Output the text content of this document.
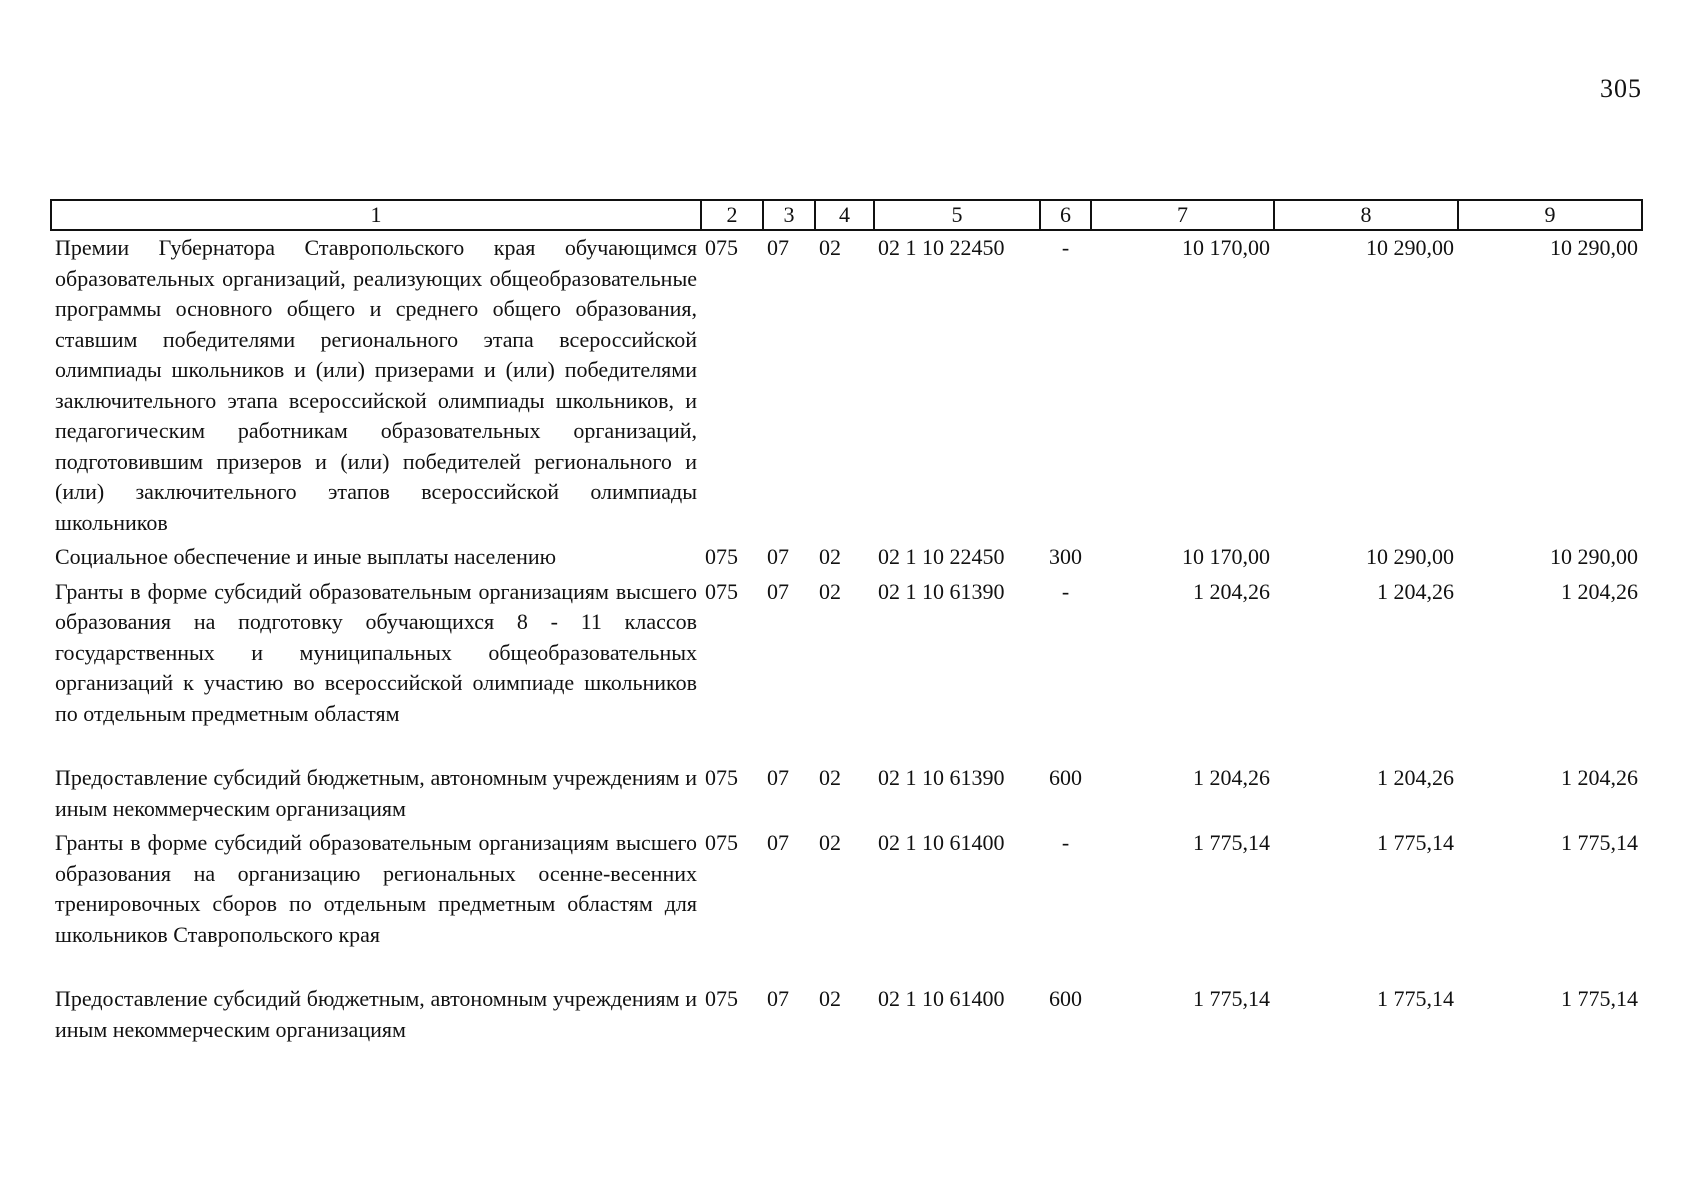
305
1	2	3	4	5	6	7	8	9
Премии Губернатора Ставропольского края обучающимся образовательных организаций, реализующих общеобразовательные программы основного общего и среднего общего образования, ставшим победителями регионального этапа всероссийской олимпиады школьников и (или) призерами и (или) победителями заключительного этапа всероссийской олимпиады школьников, и педагогическим работникам образовательных организаций, подготовившим призеров и (или) победителей регионального и (или) заключительного этапов всероссийской олимпиады школьников	075	07	02	02 1 10 22450	-	10 170,00	10 290,00	10 290,00
Социальное обеспечение и иные выплаты населению	075	07	02	02 1 10 22450	300	10 170,00	10 290,00	10 290,00
Гранты в форме субсидий образовательным организациям высшего образования на подготовку обучающихся 8 - 11 классов государственных и муниципальных общеобразовательных организаций к участию во всероссийской олимпиаде школьников по отдельным предметным областям	075	07	02	02 1 10 61390	-	1 204,26	1 204,26	1 204,26
Предоставление субсидий бюджетным, автономным учреждениям и иным некоммерческим организациям	075	07	02	02 1 10 61390	600	1 204,26	1 204,26	1 204,26
Гранты в форме субсидий образовательным организациям высшего образования на организацию региональных осенне-весенних тренировочных сборов по отдельным предметным областям для школьников Ставропольского края	075	07	02	02 1 10 61400	-	1 775,14	1 775,14	1 775,14
Предоставление субсидий бюджетным, автономным учреждениям и иным некоммерческим организациям	075	07	02	02 1 10 61400	600	1 775,14	1 775,14	1 775,14
